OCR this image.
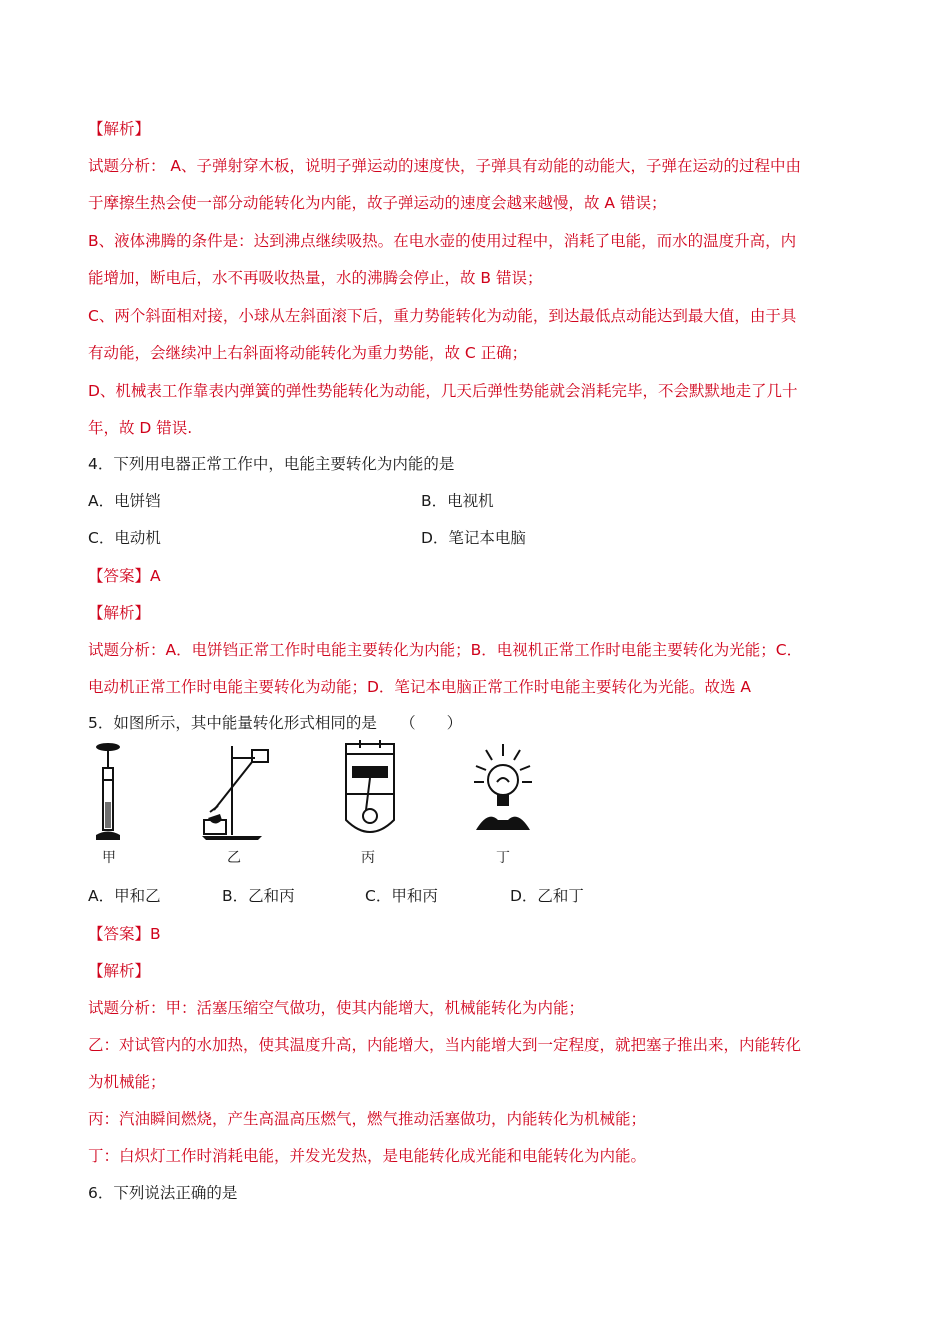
【解析】
试题分析： A、子弹射穿木板，说明子弹运动的速度快，子弹具有动能的动能大，子弹在运动的过程中由
于摩擦生热会使一部分动能转化为内能，故子弹运动的速度会越来越慢，故 A 错误；
B、液体沸腾的条件是：达到沸点继续吸热。在电水壶的使用过程中，消耗了电能，而水的温度升高，内
能增加，断电后，水不再吸收热量，水的沸腾会停止，故 B 错误；
C、两个斜面相对接，小球从左斜面滚下后，重力势能转化为动能，到达最低点动能达到最大值，由于具
有动能，会继续冲上右斜面将动能转化为重力势能，故 C 正确；
D、机械表工作靠表内弹簧的弹性势能转化为动能，几天后弹性势能就会消耗完毕，不会默默地走了几十
年，故 D 错误.
4．下列用电器正常工作中，电能主要转化为内能的是
A．电饼铛	B．电视机
C．电动机	D．笔记本电脑
【答案】A
【解析】
试题分析：A．电饼铛正常工作时电能主要转化为内能；B．电视机正常工作时电能主要转化为光能；C．
电动机正常工作时电能主要转化为动能；D．笔记本电脑正常工作时电能主要转化为光能。故选 A
5．如图所示，其中能量转化形式相同的是　　（　　）
甲	乙	丙	丁
A．甲和乙	B．乙和丙	C．甲和丙	D．乙和丁
【答案】B
【解析】
试题分析：甲：活塞压缩空气做功，使其内能增大，机械能转化为内能；
乙：对试管内的水加热，使其温度升高，内能增大，当内能增大到一定程度，就把塞子推出来，内能转化
为机械能；
丙：汽油瞬间燃烧，产生高温高压燃气，燃气推动活塞做功，内能转化为机械能；
丁：白炽灯工作时消耗电能，并发光发热，是电能转化成光能和电能转化为内能。
6．下列说法正确的是
